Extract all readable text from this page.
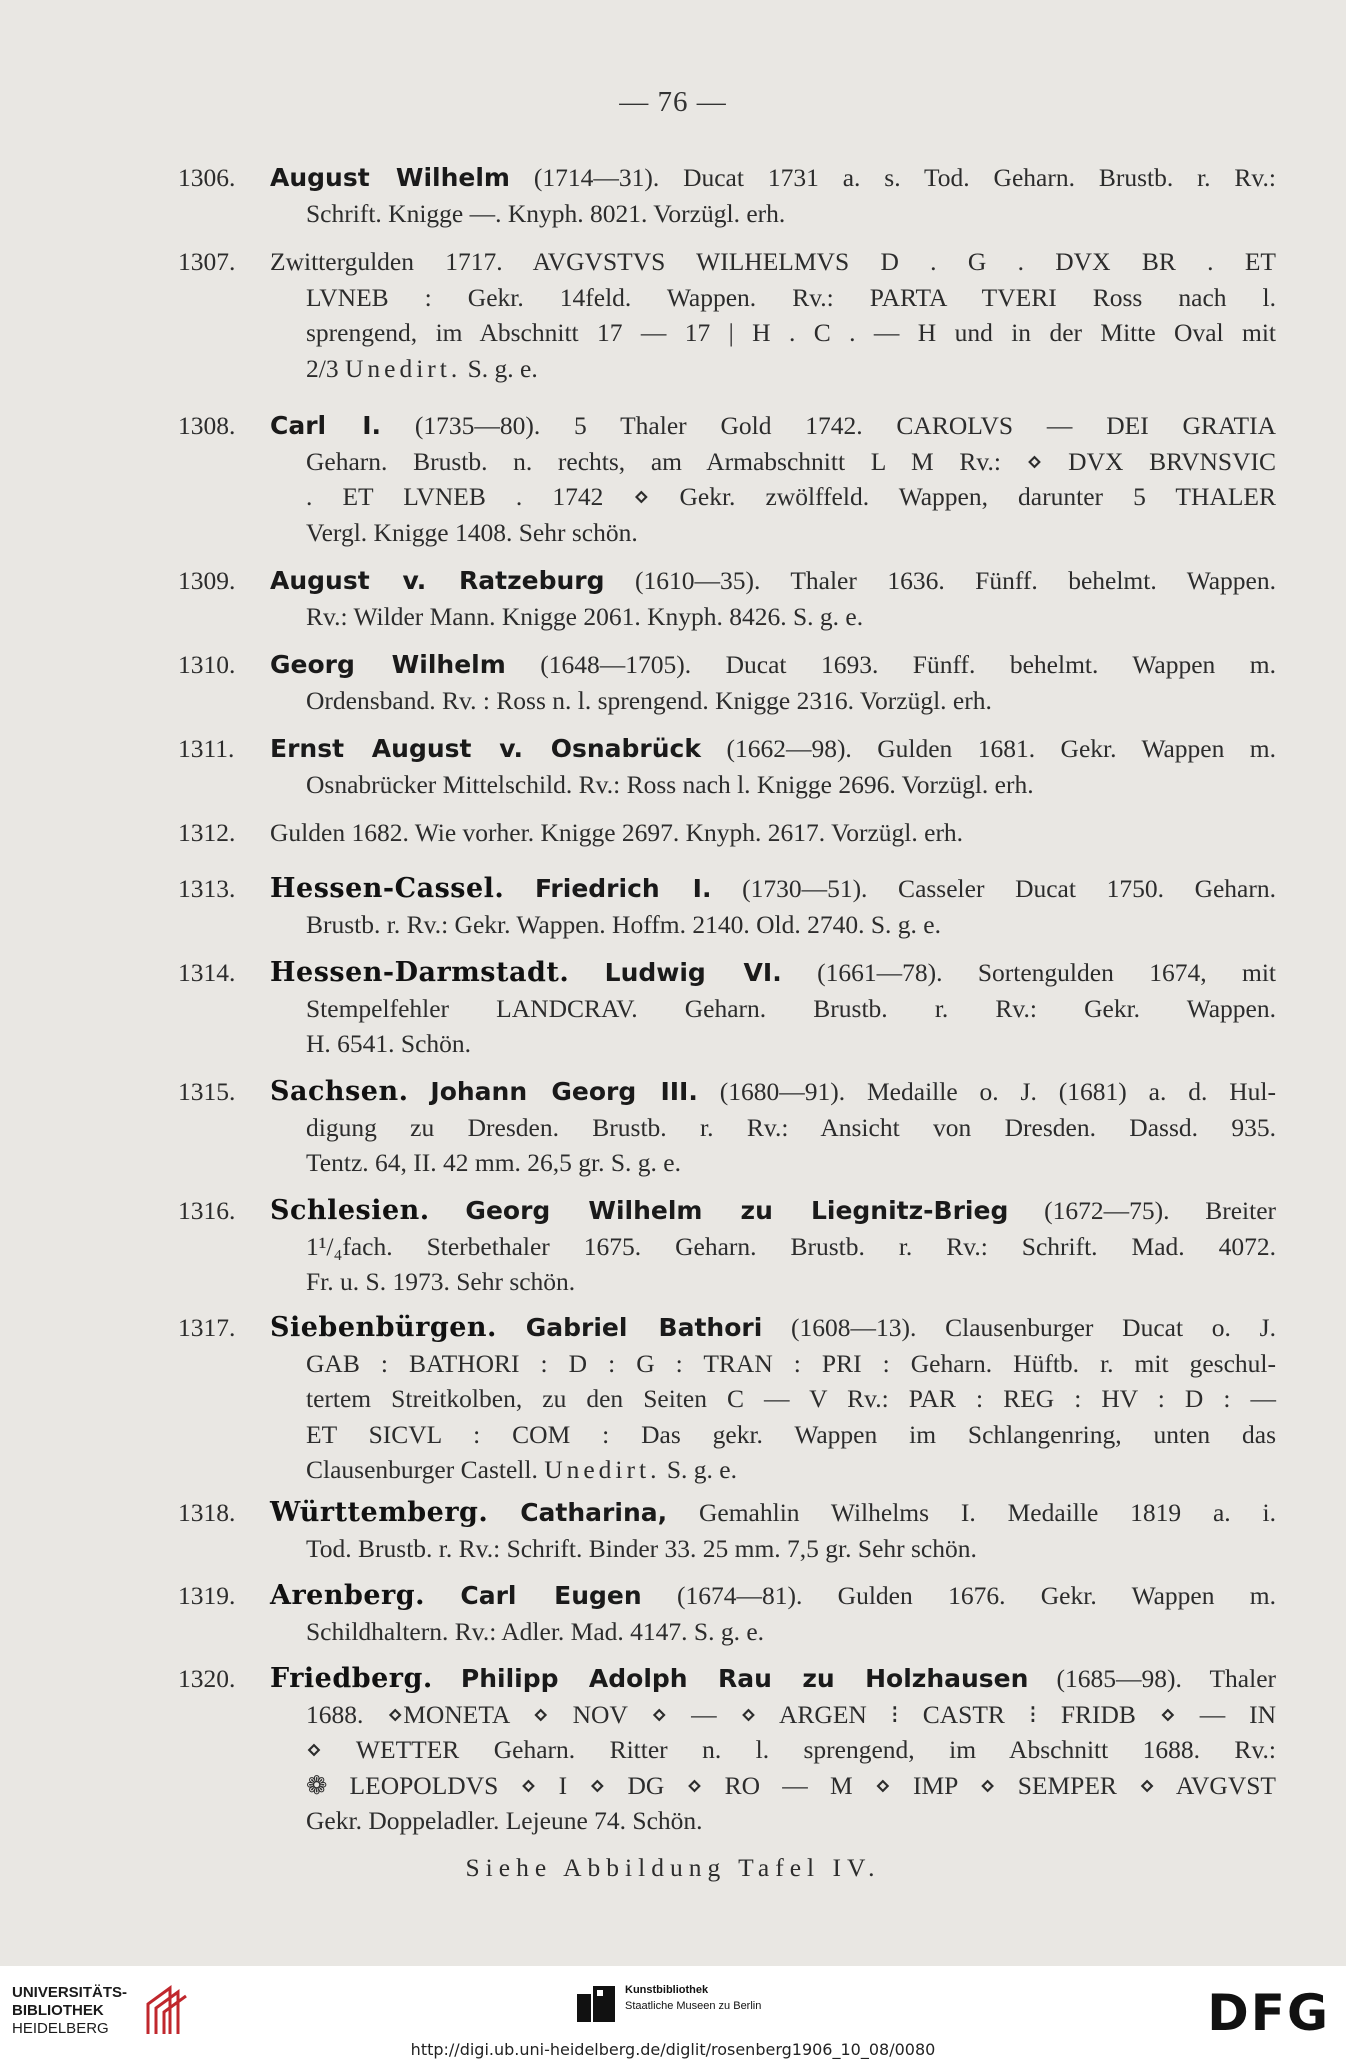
— 76 —
1306.	August Wilhelm (1714—31). Ducat 1731 a. s. Tod. Geharn. Brustb. r. Rv.:
Schrift. Knigge —. Knyph. 8021. Vorzügl. erh.
1307.	Zwittergulden 1717. AVGVSTVS WILHELMVS D . G . DVX BR . ET
LVNEB : Gekr. 14feld. Wappen. Rv.: PARTA TVERI Ross nach l.
sprengend, im Abschnitt 17 — 17 | H . C . — H und in der Mitte Oval mit
2/3 Unedirt. S. g. e.
1308.	Carl I. (1735—80). 5 Thaler Gold 1742. CAROLVS — DEI GRATIA
Geharn. Brustb. n. rechts, am Armabschnitt L M Rv.: ⋄ DVX BRVNSVIC
. ET LVNEB . 1742 ⋄ Gekr. zwölffeld. Wappen, darunter 5 THALER
Vergl. Knigge 1408. Sehr schön.
1309.	August v. Ratzeburg (1610—35). Thaler 1636. Fünff. behelmt. Wappen.
Rv.: Wilder Mann. Knigge 2061. Knyph. 8426. S. g. e.
1310.	Georg Wilhelm (1648—1705). Ducat 1693. Fünff. behelmt. Wappen m.
Ordensband. Rv. : Ross n. l. sprengend. Knigge 2316. Vorzügl. erh.
1311.	Ernst August v. Osnabrück (1662—98). Gulden 1681. Gekr. Wappen m.
Osnabrücker Mittelschild. Rv.: Ross nach l. Knigge 2696. Vorzügl. erh.
1312.	Gulden 1682. Wie vorher. Knigge 2697. Knyph. 2617. Vorzügl. erh.
1313.	Hessen-Cassel. Friedrich I. (1730—51). Casseler Ducat 1750. Geharn.
Brustb. r. Rv.: Gekr. Wappen. Hoffm. 2140. Old. 2740. S. g. e.
1314.	Hessen-Darmstadt. Ludwig VI. (1661—78). Sortengulden 1674, mit
Stempelfehler LANDCRAV. Geharn. Brustb. r. Rv.: Gekr. Wappen.
H. 6541. Schön.
1315.	Sachsen. Johann Georg III. (1680—91). Medaille o. J. (1681) a. d. Hul-
digung zu Dresden. Brustb. r. Rv.: Ansicht von Dresden. Dassd. 935.
Tentz. 64, II. 42 mm. 26,5 gr. S. g. e.
1316.	Schlesien. Georg Wilhelm zu Liegnitz-Brieg (1672—75). Breiter
1¹/₄fach. Sterbethaler 1675. Geharn. Brustb. r. Rv.: Schrift. Mad. 4072.
Fr. u. S. 1973. Sehr schön.
1317.	Siebenbürgen. Gabriel Bathori (1608—13). Clausenburger Ducat o. J.
GAB : BATHORI : D : G : TRAN : PRI : Geharn. Hüftb. r. mit geschul-
tertem Streitkolben, zu den Seiten C — V Rv.: PAR : REG : HV : D : —
ET SICVL : COM : Das gekr. Wappen im Schlangenring, unten das
Clausenburger Castell. Unedirt. S. g. e.
1318.	Württemberg. Catharina, Gemahlin Wilhelms I. Medaille 1819 a. i.
Tod. Brustb. r. Rv.: Schrift. Binder 33. 25 mm. 7,5 gr. Sehr schön.
1319.	Arenberg. Carl Eugen (1674—81). Gulden 1676. Gekr. Wappen m.
Schildhaltern. Rv.: Adler. Mad. 4147. S. g. e.
1320.	Friedberg. Philipp Adolph Rau zu Holzhausen (1685—98). Thaler
1688. ⋄MONETA ⋄ NOV ⋄ — ⋄ ARGEN ⁝ CASTR ⁝ FRIDB ⋄ — IN
⋄ WETTER Geharn. Ritter n. l. sprengend, im Abschnitt 1688. Rv.:
❁ LEOPOLDVS ⋄ I ⋄ DG ⋄ RO — M ⋄ IMP ⋄ SEMPER ⋄ AVGVST
Gekr. Doppeladler. Lejeune 74. Schön.
Siehe Abbildung Tafel IV.
UNIVERSITÄTS-
BIBLIOTHEK
HEIDELBERG
Kunstbibliothek
Staatliche Museen zu Berlin	DFG
http://digi.ub.uni-heidelberg.de/diglit/rosenberg1906_10_08/0080
